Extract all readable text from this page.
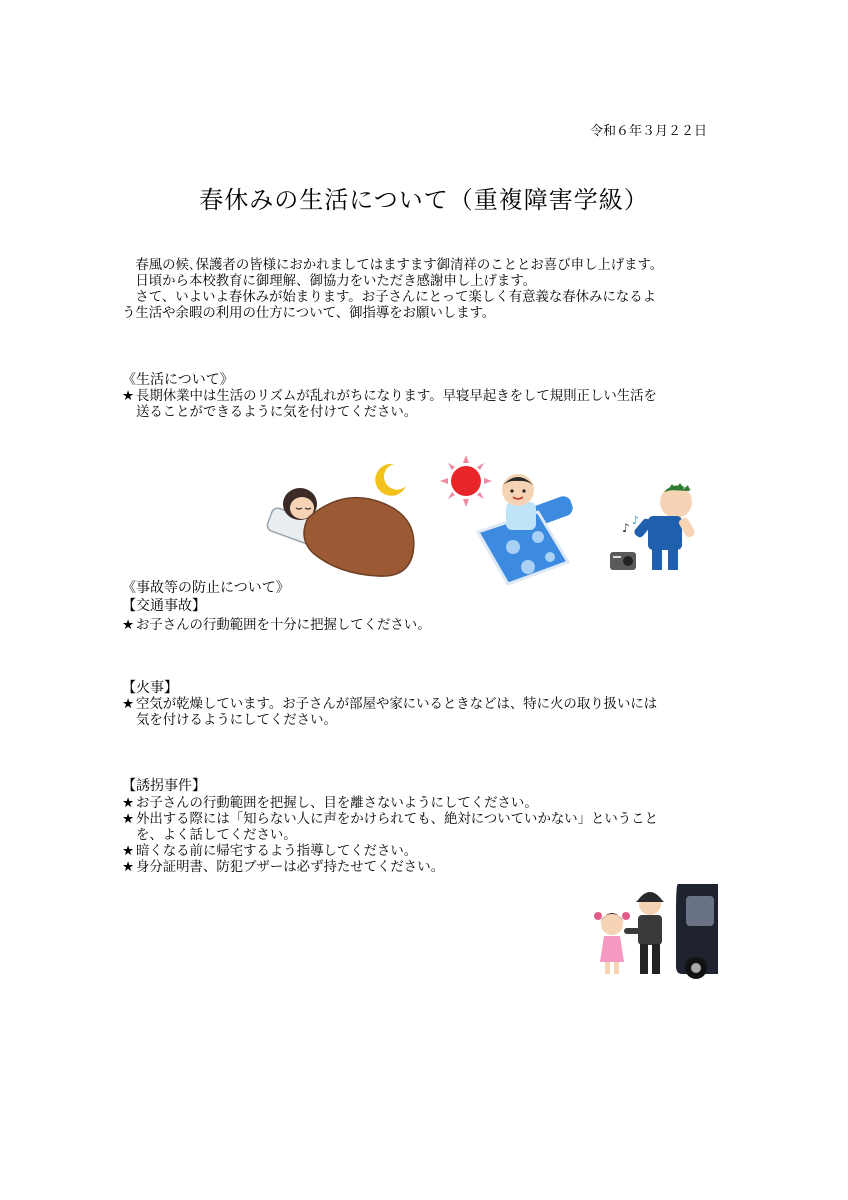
令和６年３月２２日
春休みの生活について（重複障害学級）
　春風の候､保護者の皆様におかれましてはますます御清祥のこととお喜び申し上げます。
　日頃から本校教育に御理解、御協力をいただき感謝申し上げます。
　さて、いよいよ春休みが始まります。お子さんにとって楽しく有意義な春休みになるよ
う生活や余暇の利用の仕方について、御指導をお願いします。
《生活について》
★ 長期休業中は生活のリズムが乱れがちになります。早寝早起きをして規則正しい生活を
送ることができるように気を付けてください。
♪
♪
《事故等の防止について》
【交通事故】
★ お子さんの行動範囲を十分に把握してください。
【火事】
★ 空気が乾燥しています。お子さんが部屋や家にいるときなどは、特に火の取り扱いには
気を付けるようにしてください。
【誘拐事件】
★ お子さんの行動範囲を把握し、目を離さないようにしてください。
★ 外出する際には「知らない人に声をかけられても、絶対についていかない」ということ
を、よく話してください。
★ 暗くなる前に帰宅するよう指導してください。
★ 身分証明書、防犯ブザーは必ず持たせてください。
